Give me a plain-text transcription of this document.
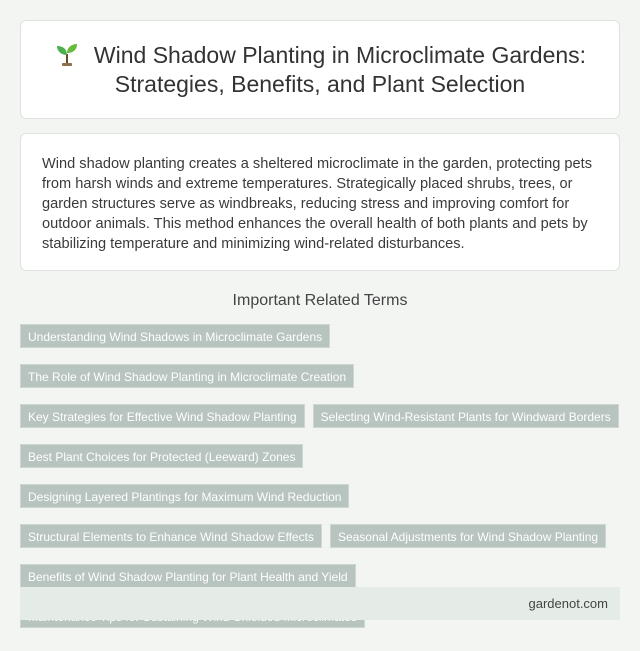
Wind Shadow Planting in Microclimate Gardens: Strategies, Benefits, and Plant Selection

Wind shadow planting creates a sheltered microclimate in the garden, protecting pets from harsh winds and extreme temperatures. Strategically placed shrubs, trees, or garden structures serve as windbreaks, reducing stress and improving comfort for outdoor animals. This method enhances the overall health of both plants and pets by stabilizing temperature and minimizing wind-related disturbances.

Important Related Terms
Understanding Wind Shadows in Microclimate Gardens
The Role of Wind Shadow Planting in Microclimate Creation
Key Strategies for Effective Wind Shadow Planting	Selecting Wind-Resistant Plants for Windward Borders
Best Plant Choices for Protected (Leeward) Zones
Designing Layered Plantings for Maximum Wind Reduction
Structural Elements to Enhance Wind Shadow Effects	Seasonal Adjustments for Wind Shadow Planting
Benefits of Wind Shadow Planting for Plant Health and Yield
gardenot.com
